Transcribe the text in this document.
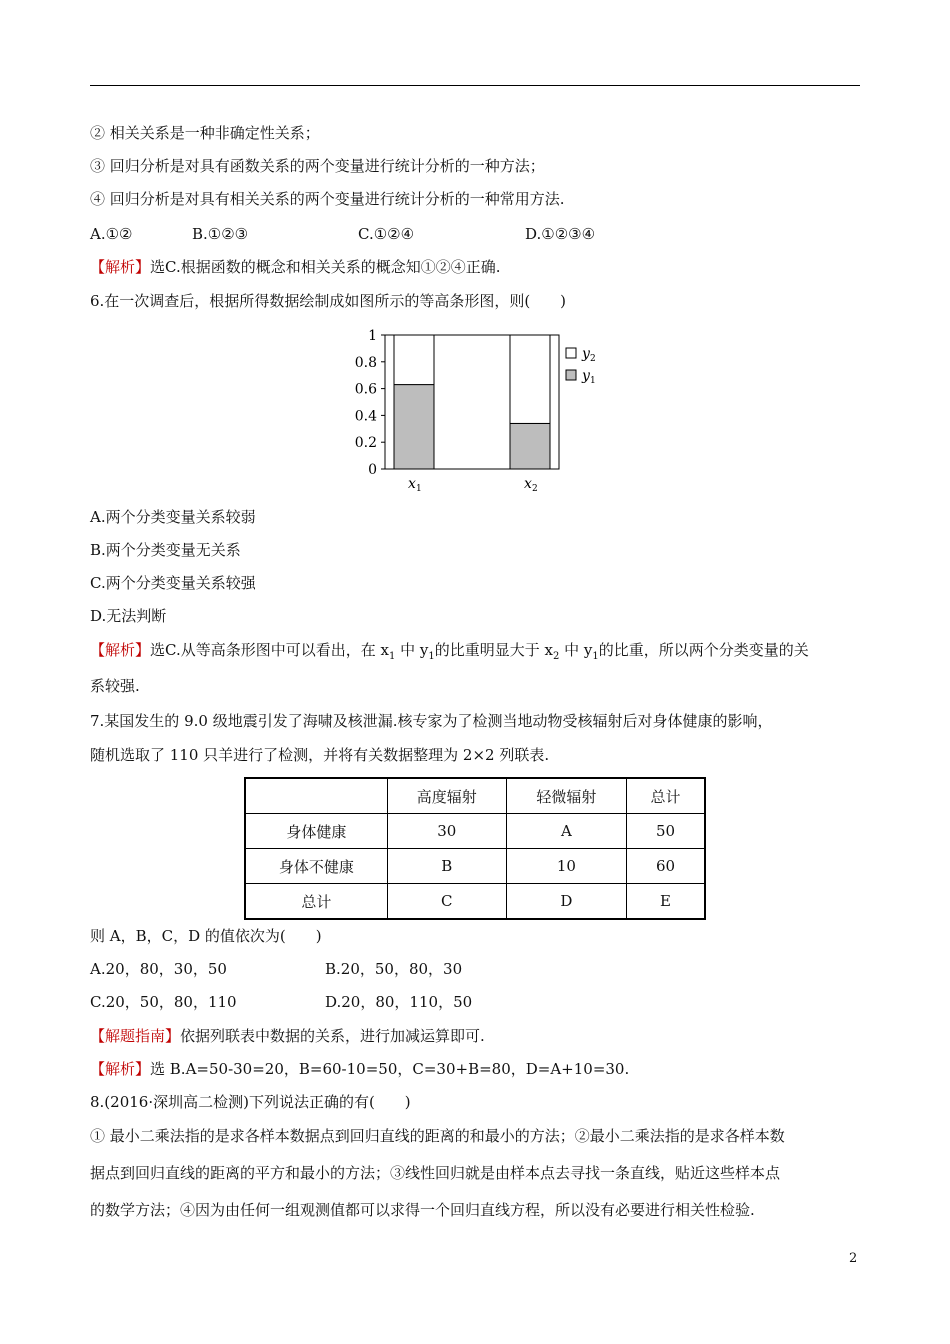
② 相关关系是一种非确定性关系；
③ 回归分析是对具有函数关系的两个变量进行统计分析的一种方法；
④ 回归分析是对具有相关关系的两个变量进行统计分析的一种常用方法.
A.①②	B.①②③	C.①②④	D.①②③④
【解析】选C.根据函数的概念和相关关系的概念知①②④正确.
6.在一次调查后，根据所得数据绘制成如图所示的等高条形图，则(　　)
0
0.2
0.4
0.6
0.8
1
x 1	x 2
y 2
y 1
A.两个分类变量关系较弱
B.两个分类变量无关系
C.两个分类变量关系较强
D.无法判断
【解析】选C.从等高条形图中可以看出，在 $x_1$ 中 $y_1$的比重明显大于 $x_2$ 中 $y_1$的比重，所以两个分类变量的关
系较强.
7.某国发生的 9.0 级地震引发了海啸及核泄漏.核专家为了检测当地动物受核辐射后对身体健康的影响，
随机选取了 110 只羊进行了检测，并将有关数据整理为 2×2 列联表.
	高度辐射	轻微辐射	总计
身体健康	30	A	50
身体不健康	B	10	60
总计	C	D	E
则 A，B，C，D 的值依次为(　　)
A.20，80，30，50	B.20，50，80，30
C.20，50，80，110	D.20，80，110，50
【解题指南】依据列联表中数据的关系，进行加减运算即可.
【解析】选 B.A=50-30=20，B=60-10=50，C=30+B=80，D=A+10=30.
8.(2016·深圳高二检测)下列说法正确的有(　　)
① 最小二乘法指的是求各样本数据点到回归直线的距离的和最小的方法；②最小二乘法指的是求各样本数
据点到回归直线的距离的平方和最小的方法；③线性回归就是由样本点去寻找一条直线，贴近这些样本点
的数学方法；④因为由任何一组观测值都可以求得一个回归直线方程，所以没有必要进行相关性检验.
2
